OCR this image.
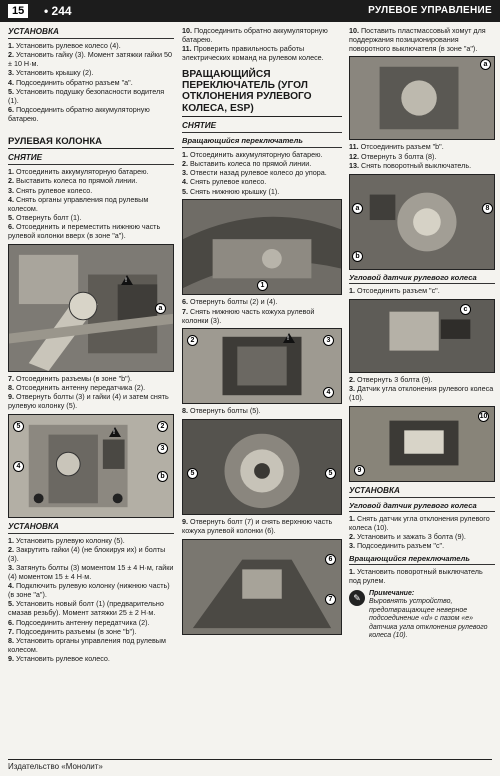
15	• 244	РУЛЕВОЕ УПРАВЛЕНИЕ
УСТАНОВКА
1. Установить рулевое колесо (4).
2. Установить гайку (3). Момент затяжки гайки 50 ± 10 Н·м.
3. Установить крышку (2).
4. Подсоединить обратно разъем "a".
5. Установить подушку безопасности водителя (1).
6. Подсоединить обратно аккумуляторную батарею.
РУЛЕВАЯ КОЛОНКА
СНЯТИЕ
1. Отсоединить аккумуляторную батарею.
2. Выставить колеса по прямой линии.
3. Снять рулевое колесо.
4. Снять органы управления под рулевым колесом.
5. Отвернуть болт (1).
6. Отсоединить и переместить нижнюю часть рулевой колонки вверх (в зоне "a").
!
a
7. Отсоединить разъемы (в зоне "b").
8. Отсоединить антенну передатчика (2).
9. Отвернуть болты (3) и гайки (4) и затем снять рулевую колонку (5).
5	2
4
3
b
!
УСТАНОВКА
1. Установить рулевую колонку (5).
2. Закрутить гайки (4) (не блокируя их) и болты (3).
3. Затянуть болты (3) моментом 15 ± 4 Н·м, гайки (4) моментом 15 ± 4 Н·м.
4. Подключить рулевую колонку (нижнюю часть) (в зоне "a").
5. Установить новый болт (1) (предварительно смазав резьбу). Момент затяжки 25 ± 2 Н·м.
6. Подсоединить антенну передатчика (2).
7. Подсоединить разъемы (в зоне "b").
8. Установить органы управления под рулевым колесом.
9. Установить рулевое колесо.
10. Подсоединить обратно аккумуляторную батарею.
11. Проверить правильность работы электрических команд на рулевом колесе.
ВРАЩАЮЩИЙСЯ ПЕРЕКЛЮЧАТЕЛЬ (УГОЛ ОТКЛОНЕНИЯ РУЛЕВОГО КОЛЕСА, ESP)
СНЯТИЕ
Вращающийся переключатель
1. Отсоединить аккумуляторную батарею.
2. Выставить колеса по прямой линии.
3. Отвести назад рулевое колесо до упора.
4. Снять рулевое колесо.
5. Снять нижнюю крышку (1).
1
6. Отвернуть болты (2) и (4).
7. Снять нижнюю часть кожуха рулевой колонки (3).
2	3
4
!
8. Отвернуть болты (5).
5	5
9. Отвернуть болт (7) и снять верхнюю часть кожуха рулевой колонки (6).
6
7
10. Поставить пластмассовый хомут для поддержания позиционирования поворотного выключателя (в зоне "a").
a
11. Отсоединить разъем "b".
12. Отвернуть 3 болта (8).
13. Снять поворотный выключатель.
a	8
b
Угловой датчик рулевого колеса
1. Отсоединить разъем "c".
c
2. Отвернуть 3 болта (9).
3. Датчик угла отклонения рулевого колеса (10).
10
9
УСТАНОВКА
Угловой датчик рулевого колеса
1. Снять датчик угла отклонения рулевого колеса (10).
2. Установить и зажать 3 болта (9).
3. Подсоединить разъем "c".
Вращающийся переключатель
1. Установить поворотный выключатель под рулем.
✎	Примечание:
Выровнять устройство, предотвращающее неверное подсоединение «d» с пазом «e» датчика угла отклонения рулевого колеса (10).
Издательство «Монолит»
